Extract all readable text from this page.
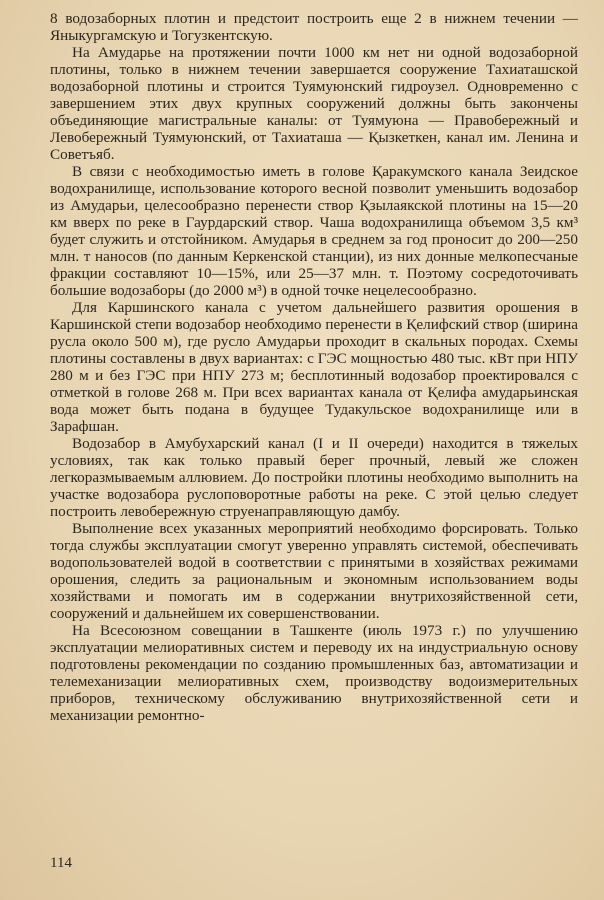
8 водозаборных плотин и предстоит построить еще 2 в нижнем течении — Яныкургамскую и Тогузкентскую.

На Амударье на протяжении почти 1000 км нет ни одной водозаборной плотины, только в нижнем течении завершается сооружение Тахиаташской водозаборной плотины и строится Туямуюнский гидроузел. Одновременно с завершением этих двух крупных сооружений должны быть закончены объединяющие магистральные каналы: от Туямуюна — Правобережный и Левобережный Туямуюнский, от Тахиаташа — Қызкеткен, канал им. Ленина и Советъяб.

В связи с необходимостью иметь в голове Қаракумского канала Зеидское водохранилище, использование которого весной позволит уменьшить водозабор из Амударьи, целесообразно перенести створ Қзылаякской плотины на 15—20 км вверх по реке в Гаурдарский створ. Чаша водохранилища объемом 3,5 км³ будет служить и отстойником. Амударья в среднем за год проносит до 200—250 млн. т наносов (по данным Керкенской станции), из них донные мелкопесчаные фракции составляют 10—15%, или 25—37 млн. т. Поэтому сосредоточивать большие водозаборы (до 2000 м³) в одной точке нецелесообразно.

Для Каршинского канала с учетом дальнейшего развития орошения в Каршинской степи водозабор необходимо перенести в Қелифский створ (ширина русла около 500 м), где русло Амударьи проходит в скальных породах. Схемы плотины составлены в двух вариантах: с ГЭС мощностью 480 тыс. кВт при НПУ 280 м и без ГЭС при НПУ 273 м; бесплотинный водозабор проектировался с отметкой в голове 268 м. При всех вариантах канала от Қелифа амударьинская вода может быть подана в будущее Тудакульское водохранилище или в Зарафшан.

Водозабор в Амубухарский канал (I и II очереди) находится в тяжелых условиях, так как только правый берег прочный, левый же сложен легкоразмываемым аллювием. До постройки плотины необходимо выполнить на участке водозабора руслоповоротные работы на реке. С этой целью следует построить левобережную струенаправляющую дамбу.

Выполнение всех указанных мероприятий необходимо форсировать. Только тогда службы эксплуатации смогут уверенно управлять системой, обеспечивать водопользователей водой в соответствии с принятыми в хозяйствах режимами орошения, следить за рациональным и экономным использованием воды хозяйствами и помогать им в содержании внутрихозяйственной сети, сооружений и дальнейшем их совершенствовании.

На Всесоюзном совещании в Ташкенте (июль 1973 г.) по улучшению эксплуатации мелиоративных систем и переводу их на индустриальную основу подготовлены рекомендации по созданию промышленных баз, автоматизации и телемеханизации мелиоративных схем, производству водоизмерительных приборов, техническому обслуживанию внутрихозяйственной сети и механизации ремонтно-

114
